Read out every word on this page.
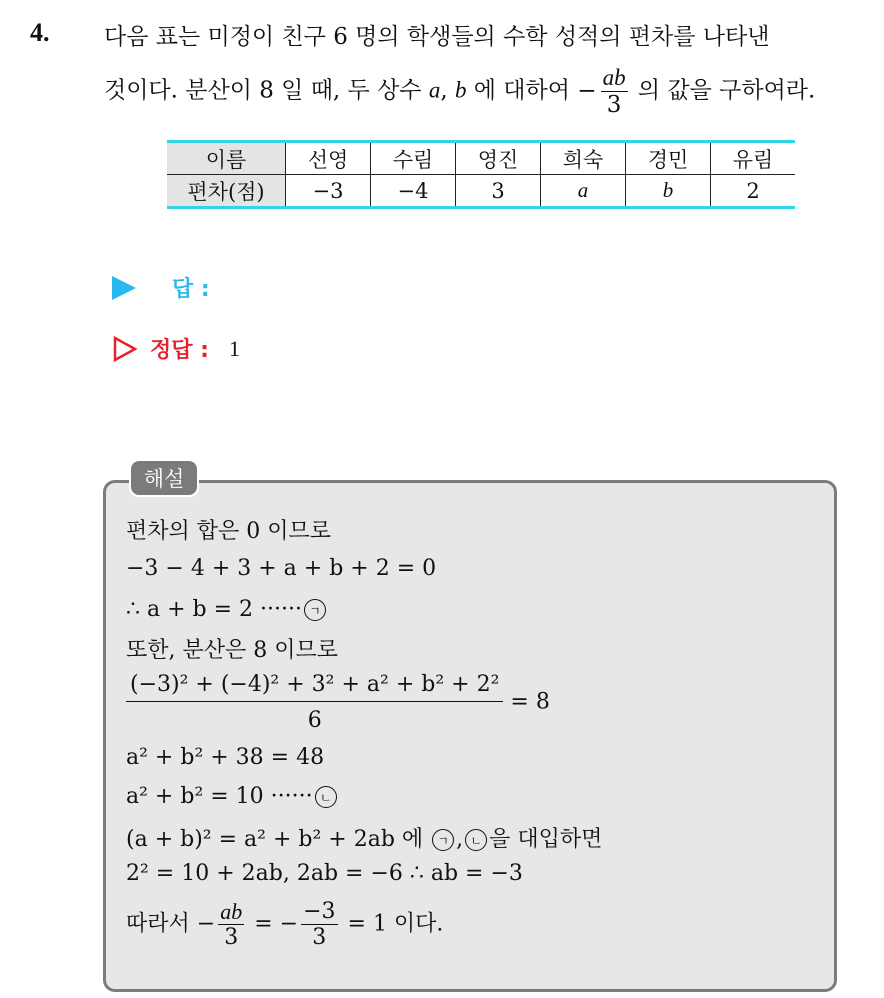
4. 다음 표는 미정이 친구 6 명의 학생들의 수학 성적의 편차를 나타낸
것이다. 분산이 8 일 때, 두 상수 a, b 에 대하여 − $\frac{ab}{3}$ 의 값을 구하여라.
이름	선영	수림	영진	희숙	경민	유림
편차(점)	−3	−4	3	a	b	2
답 :
정답 : 1
해설
편차의 합은 0 이므로
−3 − 4 + 3 + a + b + 2 = 0
∴ a + b = 2 ······ ㄱ
또한, 분산은 8 이므로
$\frac{\text{(−3)² + (−4)² + 3² + a² + b² + 2²}}{6} = 8$
a² + b² + 38 = 48
a² + b² = 10 ······ ㄴ
(a + b)² = a² + b² + 2ab 에 ㄱ , ㄴ 을 대입하면
2² = 10 + 2ab, 2ab = −6 ∴ ab = −3
따라서 − $\frac{ab}{3}$ = − $\frac{-3}{3} = 1$ 이다.
